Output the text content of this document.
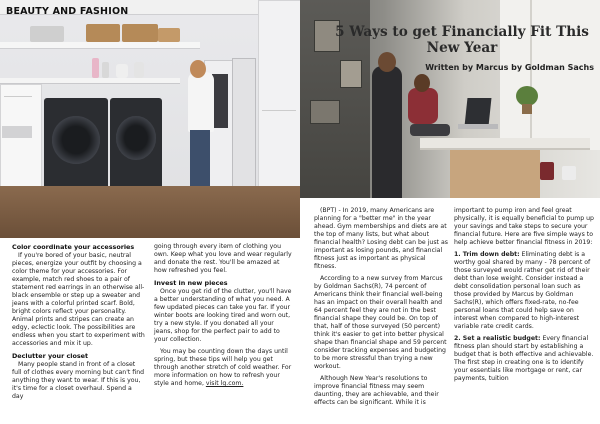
BEAUTY AND FASHION
Color coordinate your accessories

If you're bored of your basic, neutral pieces, energize your outfit by choosing a color theme for your accessories. For example, match red shoes to a pair of statement red earrings in an otherwise all-black ensemble or step up a sweater and jeans with a colorful printed scarf. Bold, bright colors reflect your personality. Animal prints and stripes can create an edgy, eclectic look. The possibilities are endless when you start to experiment with accessories and mix it up.

Declutter your closet

Many people stand in front of a closet full of clothes every morning but can't find anything they want to wear. If this is you, it's time for a closet overhaul. Spend a day

going through every item of clothing you own. Keep what you love and wear regularly and donate the rest. You'll be amazed at how refreshed you feel.

Invest in new pieces

Once you get rid of the clutter, you'll have a better understanding of what you need. A few updated pieces can take you far. If your winter boots are looking tired and worn out, try a new style. If you donated all your jeans, shop for the perfect pair to add to your collection.

You may be counting down the days until spring, but these tips will help you get through another stretch of cold weather. For more information on how to refresh your style and home, visit lg.com.

5 Ways to get Financially Fit This New Year
Written by Marcus by Goldman Sachs

(BPT) - In 2019, many Americans are planning for a "better me" in the year ahead. Gym memberships and diets are at the top of many lists, but what about financial health? Losing debt can be just as important as losing pounds, and financial fitness just as important as physical fitness.

According to a new survey from Marcus by Goldman Sachs(R), 74 percent of Americans think their financial well-being has an impact on their overall health and 64 percent feel they are not in the best financial shape they could be. On top of that, half of those surveyed (50 percent) think it's easier to get into better physical shape than financial shape and 59 percent consider tracking expenses and budgeting to be more stressful than trying a new workout.

Although New Year's resolutions to improve financial fitness may seem daunting, they are achievable, and their effects can be significant. While it is

important to pump iron and feel great physically, it is equally beneficial to pump up your savings and take steps to secure your financial future. Here are five simple ways to help achieve better financial fitness in 2019:

1. Trim down debt: Eliminating debt is a worthy goal shared by many - 78 percent of those surveyed would rather get rid of their debt than lose weight. Consider instead a debt consolidation personal loan such as those provided by Marcus by Goldman Sachs(R), which offers fixed-rate, no-fee personal loans that could help save on interest when compared to high-interest variable rate credit cards.

2. Set a realistic budget: Every financial fitness plan should start by establishing a budget that is both effective and achievable. The first step in creating one is to identify your essentials like mortgage or rent, car payments, tuition
